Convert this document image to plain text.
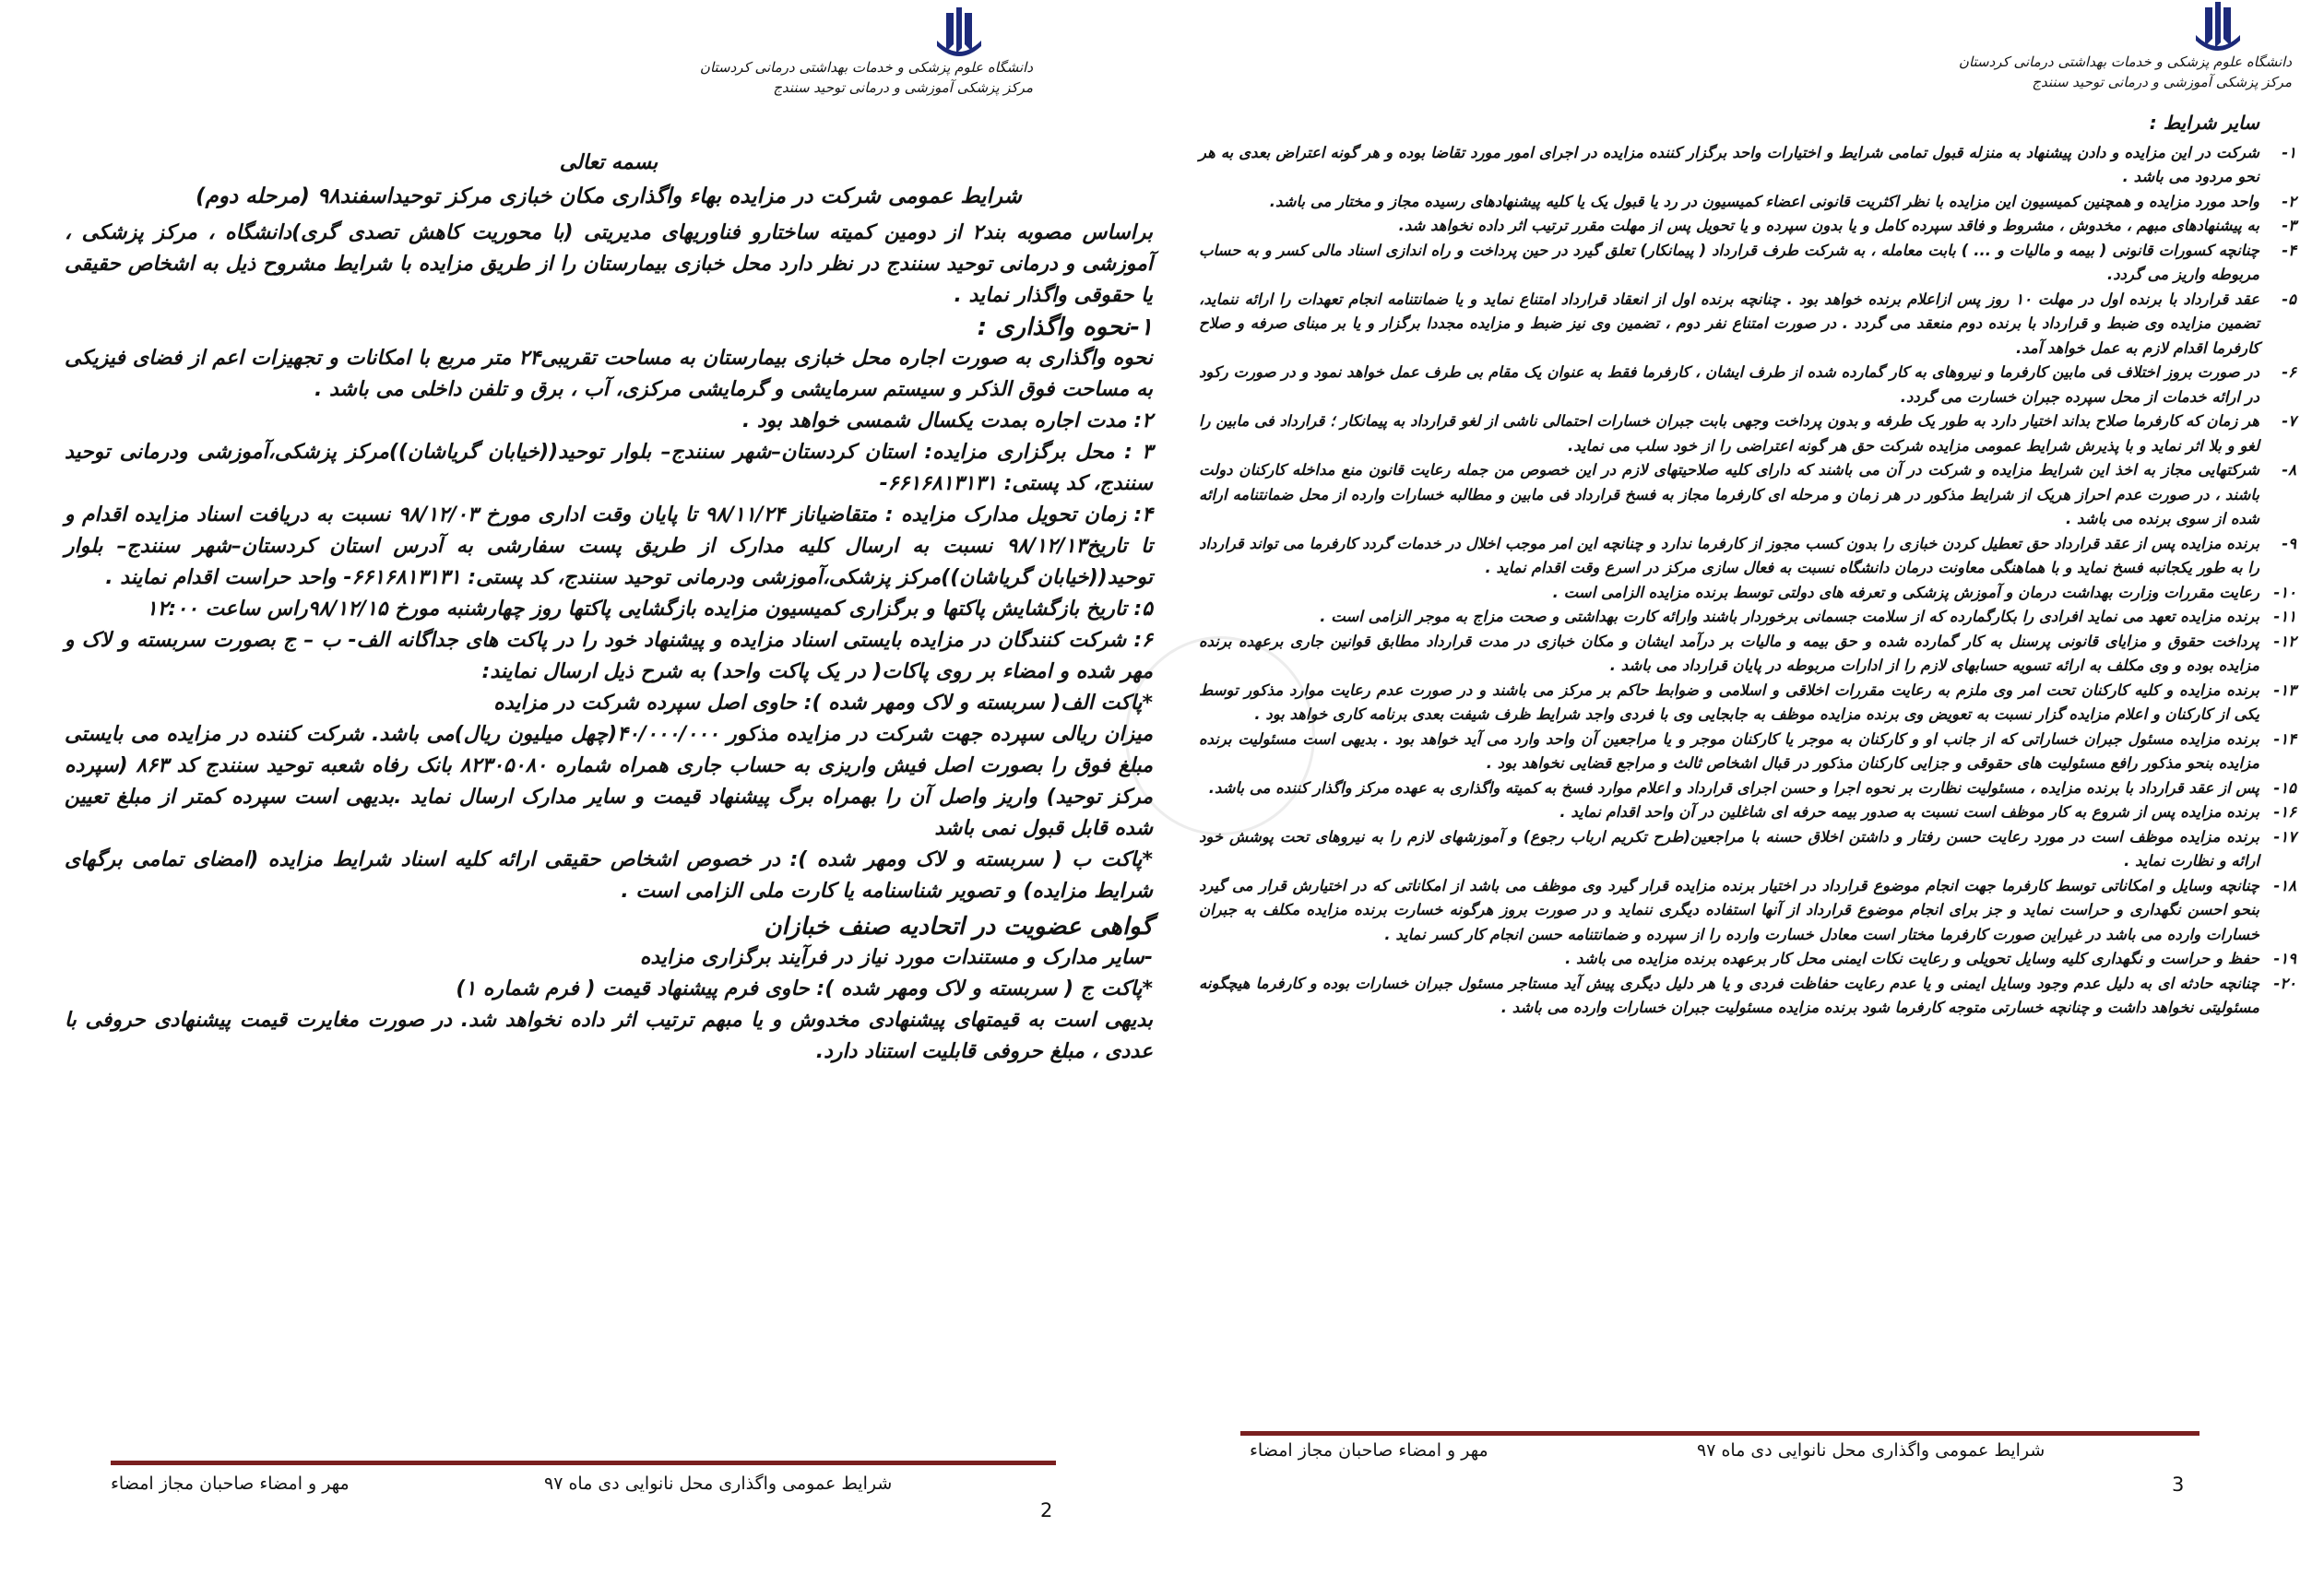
دانشگاه علوم پزشکی و خدمات بهداشتی درمانی کردستان
مرکز پزشکی آموزشی و درمانی توحید سنندج

بسمه تعالی

شرایط عمومی شرکت در مزایده بهاء واگذاری مکان خبازی مرکز توحیداسفند۹۸ (مرحله دوم)

براساس مصوبه بند۲ از دومین کمیته ساختارو فناوریهای مدیریتی (با محوریت کاهش تصدی گری)دانشگاه ، مرکز پزشکی ، آموزشی و درمانی توحید سنندج در نظر دارد محل خبازی بیمارستان را از طریق مزایده با شرایط مشروح ذیل به اشخاص حقیقی یا حقوقی واگذار نماید .

۱-نحوه واگذاری :

نحوه واگذاری به صورت اجاره محل خبازی بیمارستان به مساحت تقریبی۲۴ متر مربع با امکانات و تجهیزات اعم از فضای فیزیکی به مساحت فوق الذکر و سیستم سرمایشی و گرمایشی مرکزی، آب ، برق و تلفن داخلی می باشد .

۲: مدت اجاره بمدت یکسال شمسی خواهد بود .

۳ : محل برگزاری مزایده: استان کردستان–شهر سنندج– بلوار توحید((خیابان گریاشان))مرکز پزشکی،آموزشی ودرمانی توحید سنندج، کد پستی: ۶۶۱۶۸۱۳۱۳۱-

۴: زمان تحویل مدارک مزایده : متقاضیاناز ۹۸/۱۱/۲۴ تا پایان وقت اداری مورخ ۹۸/۱۲/۰۳ نسبت به دریافت اسناد مزایده اقدام و تا تاریخ۹۸/۱۲/۱۳ نسبت به ارسال کلیه مدارک از طریق پست سفارشی به آدرس استان کردستان–شهر سنندج– بلوار توحید((خیابان گریاشان))مرکز پزشکی،آموزشی ودرمانی توحید سنندج، کد پستی: ۶۶۱۶۸۱۳۱۳۱- واحد حراست اقدام نمایند .

۵: تاریخ بازگشایش پاکتها و برگزاری کمیسیون مزایده بازگشایی پاکتها روز چهارشنبه مورخ ۹۸/۱۲/۱۵راس ساعت ۱۲:۰۰

۶: شرکت کنندگان در مزایده بایستی اسناد مزایده و پیشنهاد خود را در پاکت های جداگانه الف- ب – ج بصورت سربسته و لاک و مهر شده و امضاء بر روی پاکات( در یک پاکت واحد) به شرح ذیل ارسال نمایند:

*پاکت الف( سربسته و لاک ومهر شده ): حاوی اصل سپرده شرکت در مزایده

میزان ریالی سپرده جهت شرکت در مزایده مذکور ۴۰/۰۰۰/۰۰۰(چهل میلیون ریال)می باشد. شرکت کننده در مزایده می بایستی مبلغ فوق را بصورت اصل فیش واریزی به حساب جاری همراه شماره ۸۲۳۰۵۰۸۰ بانک رفاه شعبه توحید سنندج کد ۸۶۳ (سپرده مرکز توحید) واریز واصل آن را بهمراه برگ پیشنهاد قیمت و سایر مدارک ارسال نماید .بدیهی است سپرده کمتر از مبلغ تعیین شده قابل قبول نمی باشد

*پاکت ب ( سربسته و لاک ومهر شده ): در خصوص اشخاص حقیقی ارائه کلیه اسناد شرایط مزایده (امضای تمامی برگهای شرایط مزایده) و تصویر شناسنامه یا کارت ملی الزامی است .

گواهی عضویت در اتحادیه صنف خبازان

-سایر مدارک و مستندات مورد نیاز در فرآیند برگزاری مزایده

*پاکت ج ( سربسته و لاک ومهر شده ): حاوی فرم پیشنهاد قیمت ( فرم شماره ۱)

بدیهی است به قیمتهای پیشنهادی مخدوش و یا مبهم ترتیب اثر داده نخواهد شد. در صورت مغایرت قیمت پیشنهادی حروفی با عددی ، مبلغ حروفی قابلیت استناد دارد.

شرایط عمومی واگذاری محل نانوایی دی ماه ۹۷
مهر و امضاء صاحبان مجاز امضاء
2
دانشگاه علوم پزشکی و خدمات بهداشتی درمانی کردستان
مرکز پزشکی آموزشی و درمانی توحید سنندج

سایر شرایط :

۱-
شرکت در این مزایده و دادن پیشنهاد به منزله قبول تمامی شرایط و اختیارات واحد برگزار کننده مزایده در اجرای امور مورد تقاضا بوده و هر گونه اعتراض بعدی به هر نحو مردود می باشد .
۲-
واحد مورد مزایده و همچنین کمیسیون این مزایده با نظر اکثریت قانونی اعضاء کمیسیون در رد یا قبول یک یا کلیه پیشنهادهای رسیده مجاز و مختار می باشد.
۳-
به پیشنهادهای مبهم ، مخدوش ، مشروط و فاقد سپرده کامل و یا بدون سپرده و یا تحویل پس از مهلت مقرر ترتیب اثر داده نخواهد شد.
۴-
چنانچه کسورات قانونی ( بیمه و مالیات و ... ) بابت معامله ، به شرکت طرف قرارداد ( پیمانکار) تعلق گیرد در حین پرداخت و راه اندازی اسناد مالی کسر و به حساب مربوطه واریز می گردد.
۵-
عقد قرارداد با برنده اول در مهلت ۱۰ روز پس ازاعلام برنده خواهد بود . چنانچه برنده اول از انعقاد قرارداد امتناع نماید و یا ضمانتنامه انجام تعهدات را ارائه ننماید، تضمین مزایده وی ضبط و قرارداد با برنده دوم منعقد می گردد . در صورت امتناع نفر دوم ، تضمین وی نیز ضبط و مزایده مجددا برگزار و یا بر مبنای صرفه و صلاح کارفرما اقدام لازم به عمل خواهد آمد.
۶-
در صورت بروز اختلاف فی مابین کارفرما و نیروهای به کار گمارده شده از طرف ایشان ، کارفرما فقط به عنوان یک مقام بی طرف عمل خواهد نمود و در صورت رکود در ارائه خدمات از محل سپرده جبران خسارت می گردد.
۷-
هر زمان که کارفرما صلاح بداند اختیار دارد به طور یک طرفه و بدون پرداخت وجهی بابت جبران خسارات احتمالی ناشی از لغو قرارداد به پیمانکار ؛ قرارداد فی مابین را لغو و بلا اثر نماید و با پذیرش شرایط عمومی مزایده شرکت حق هر گونه اعتراضی را از خود سلب می نماید.
۸-
شرکتهایی مجاز به اخذ این شرایط مزایده و شرکت در آن می باشند که دارای کلیه صلاحیتهای لازم در این خصوص من جمله رعایت قانون منع مداخله کارکنان دولت باشند ، در صورت عدم احراز هریک از شرایط مذکور در هر زمان و مرحله ای کارفرما مجاز به فسخ قرارداد فی مابین و مطالبه خسارات وارده از محل ضمانتنامه ارائه شده از سوی برنده می باشد .
۹-
برنده مزایده پس از عقد قرارداد حق تعطیل کردن خبازی را بدون کسب مجوز از کارفرما ندارد و چنانچه این امر موجب اخلال در خدمات گردد کارفرما می تواند قرارداد را به طور یکجانبه فسخ نماید و با هماهنگی معاونت درمان دانشگاه نسبت به فعال سازی مرکز در اسرع وقت اقدام نماید .
۱۰-
رعایت مقررات وزارت بهداشت درمان و آموزش پزشکی و تعرفه های دولتی توسط برنده مزایده الزامی است .
۱۱-
برنده مزایده تعهد می نماید افرادی را بکارگمارده که از سلامت جسمانی برخوردار باشند وارائه کارت بهداشتی و صحت مزاج به موجر الزامی است .
۱۲-
پرداخت حقوق و مزایای قانونی پرسنل به کار گمارده شده و حق بیمه و مالیات بر درآمد ایشان و مکان خبازی در مدت قرارداد مطابق قوانین جاری برعهده برنده مزایده بوده و وی مکلف به ارائه تسویه حسابهای لازم را از ادارات مربوطه در پایان قرارداد می باشد .
۱۳-
برنده مزایده و کلیه کارکنان تحت امر وی ملزم به رعایت مقررات اخلاقی و اسلامی و ضوابط حاکم بر مرکز می باشند و در صورت عدم رعایت موارد مذکور توسط یکی از کارکنان و اعلام مزایده گزار نسبت به تعویض وی برنده مزایده موظف به جابجایی وی با فردی واجد شرایط ظرف شیفت بعدی برنامه کاری خواهد بود .
۱۴-
برنده مزایده مسئول جبران خساراتی که از جانب او و کارکنان به موجر یا کارکنان موجر و یا مراجعین آن واحد وارد می آید خواهد بود . بدیهی است مسئولیت برنده مزایده بنحو مذکور رافع مسئولیت های حقوقی و جزایی کارکنان مذکور در قبال اشخاص ثالث و مراجع قضایی نخواهد بود .
۱۵-
پس از عقد قرارداد با برنده مزایده ، مسئولیت نظارت بر نحوه اجرا و حسن اجرای قرارداد و اعلام موارد فسخ به کمیته واگذاری به عهده مرکز واگذار کننده می باشد.
۱۶-
برنده مزایده پس از شروع به کار موظف است نسبت به صدور بیمه حرفه ای شاغلین در آن واحد اقدام نماید .
۱۷-
برنده مزایده موظف است در مورد رعایت حسن رفتار و داشتن اخلاق حسنه با مراجعین(طرح تکریم ارباب رجوع) و آموزشهای لازم را به نیروهای تحت پوشش خود ارائه و نظارت نماید .
۱۸-
چنانچه وسایل و امکاناتی توسط کارفرما جهت انجام موضوع قرارداد در اختیار برنده مزایده قرار گیرد وی موظف می باشد از امکاناتی که در اختیارش قرار می گیرد بنحو احسن نگهداری و حراست نماید و جز برای انجام موضوع قرارداد از آنها استفاده دیگری ننماید و در صورت بروز هرگونه خسارت برنده مزایده مکلف به جبران خسارات وارده می باشد در غیراین صورت کارفرما مختار است معادل خسارت وارده را از سپرده و ضمانتنامه حسن انجام کار کسر نماید .
۱۹-
حفظ و حراست و نگهداری کلیه وسایل تحویلی و رعایت نکات ایمنی محل کار برعهده برنده مزایده می باشد .
۲۰-
چنانچه حادثه ای به دلیل عدم وجود وسایل ایمنی و یا عدم رعایت حفاظت فردی و یا هر دلیل دیگری پیش آید مستاجر مسئول جبران خسارات بوده و کارفرما هیچگونه مسئولیتی نخواهد داشت و چنانچه خسارتی متوجه کارفرما شود برنده مزایده مسئولیت جبران خسارات وارده می باشد .
شرایط عمومی واگذاری محل نانوایی دی ماه ۹۷
مهر و امضاء صاحبان مجاز امضاء
3
